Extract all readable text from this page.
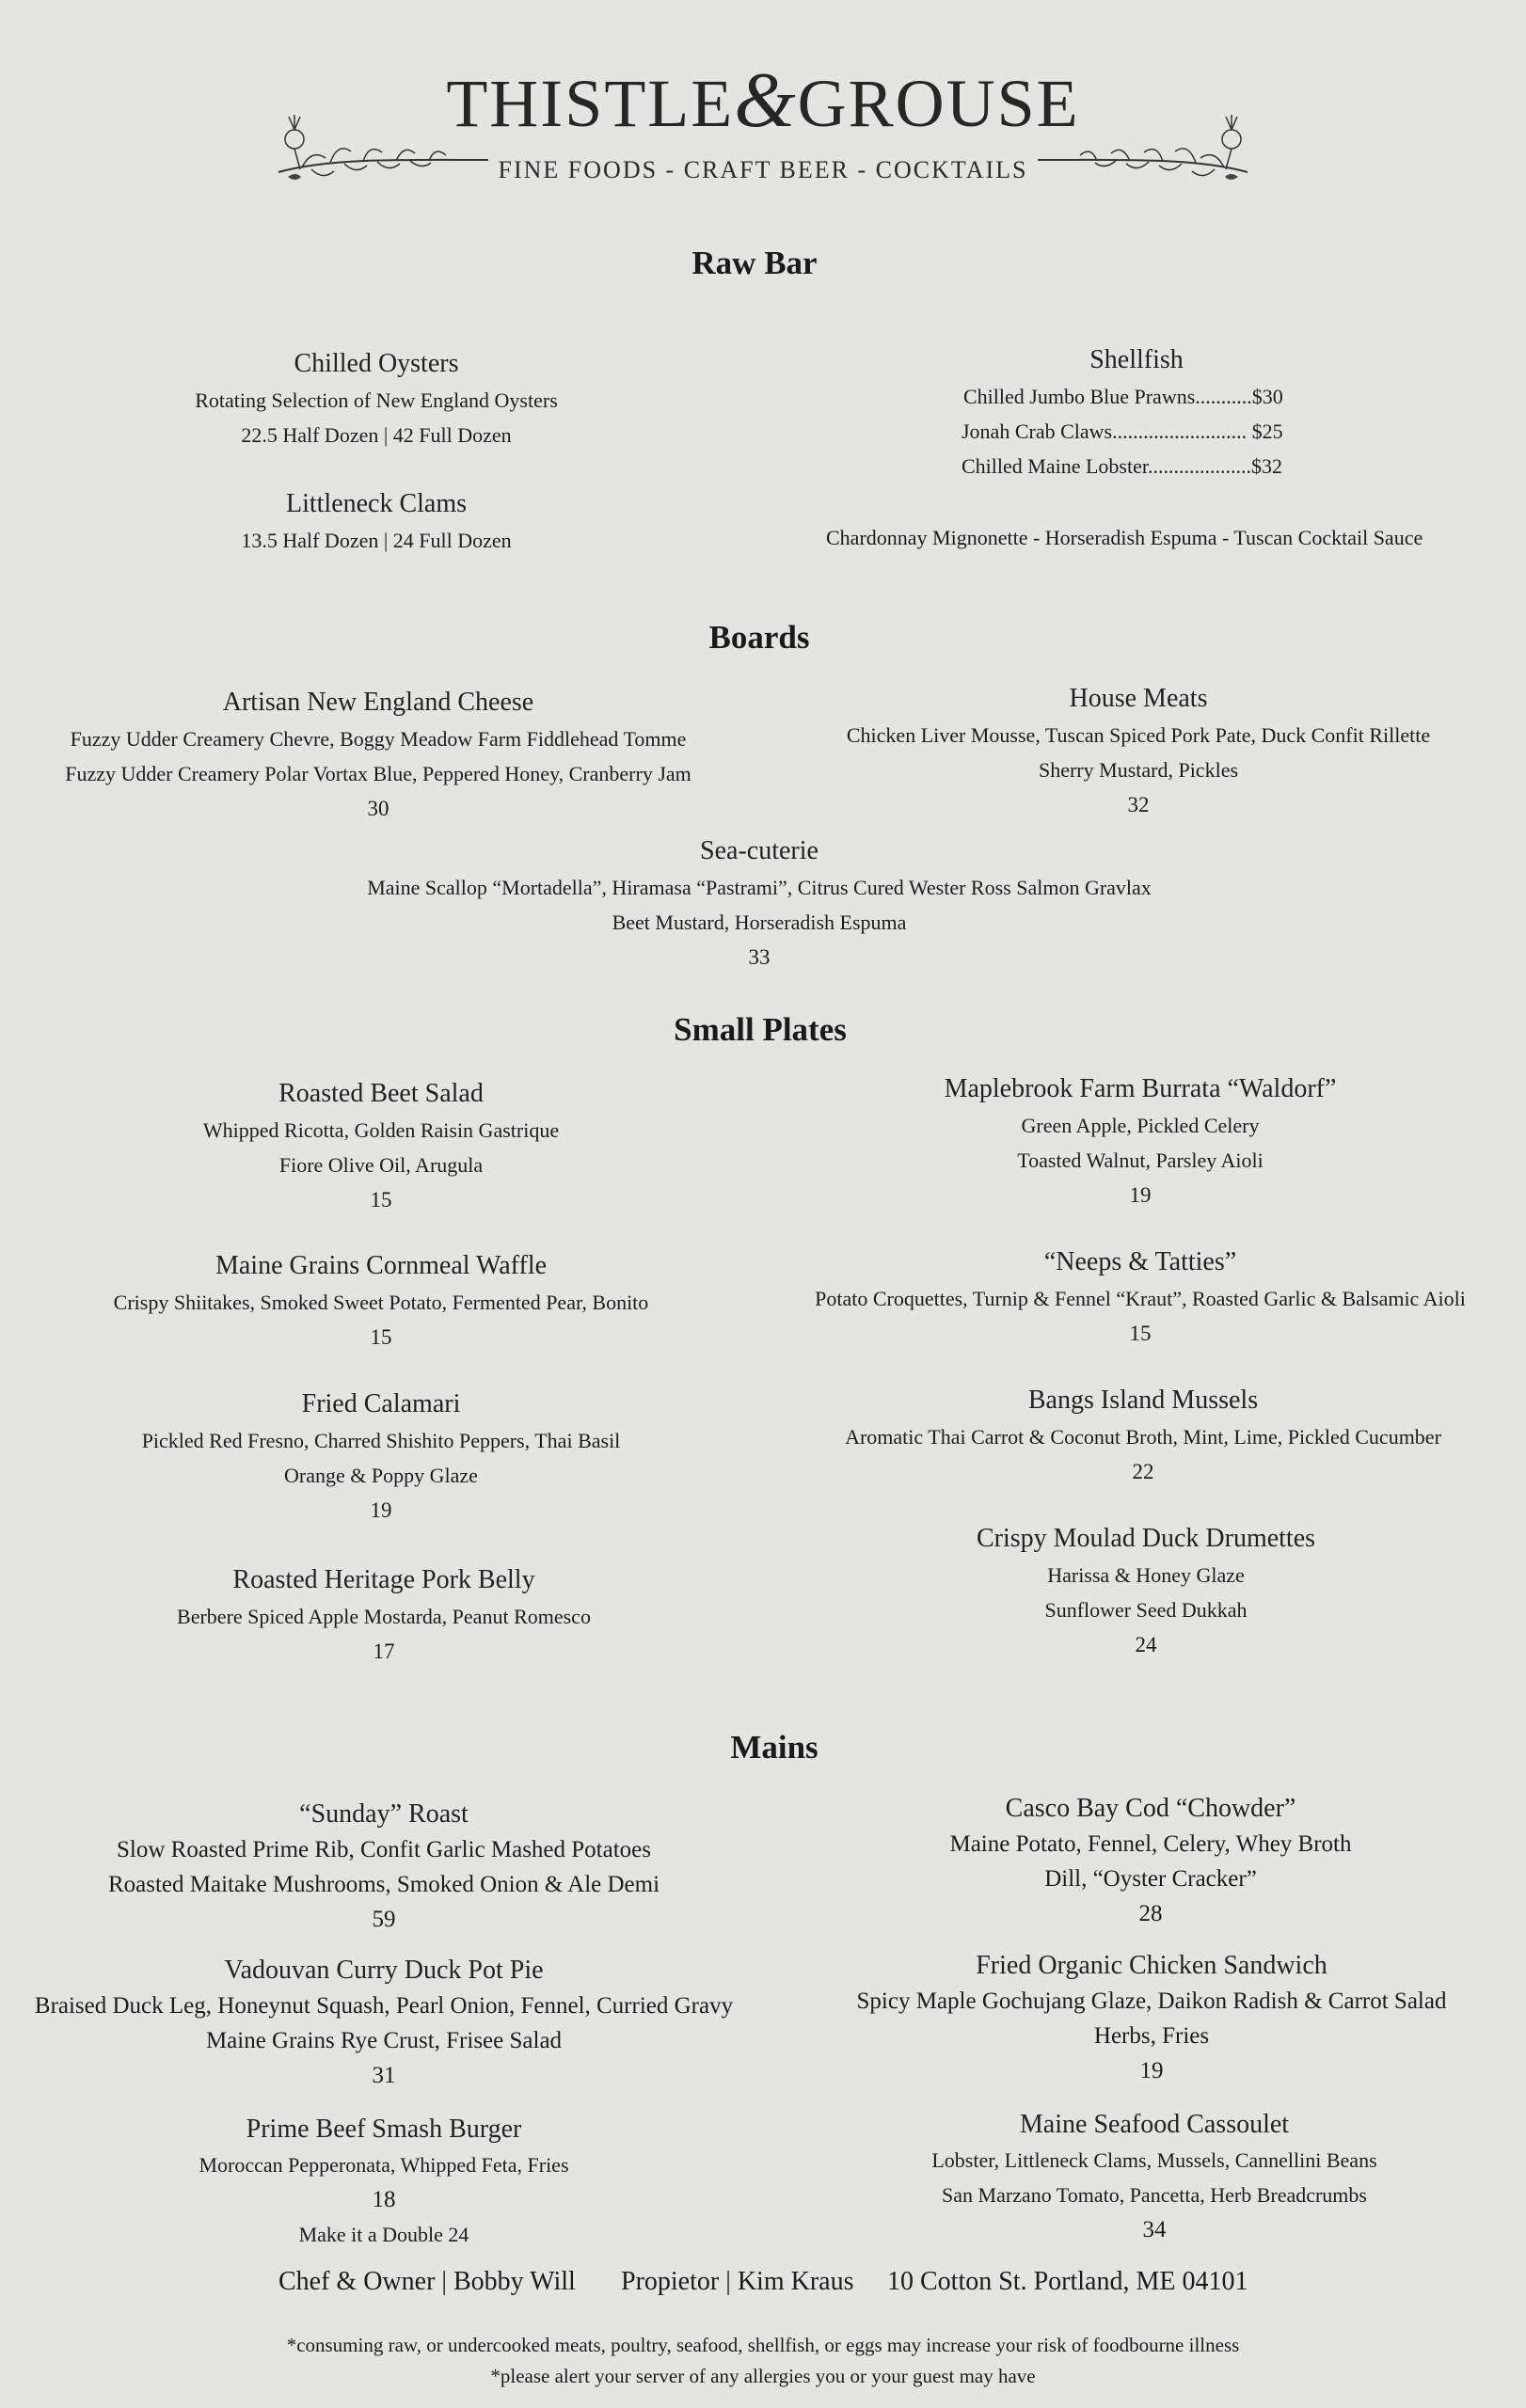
THISTLE&GROUSE
FINE FOODS - CRAFT BEER - COCKTAILS
Raw Bar
Chilled Oysters
Rotating Selection of New England Oysters
22.5 Half Dozen | 42 Full Dozen
Littleneck Clams
13.5 Half Dozen | 24 Full Dozen
Shellfish
Chilled Jumbo Blue Prawns...........$30
Jonah Crab Claws.......................... $25
Chilled Maine Lobster....................$32
Chardonnay Mignonette - Horseradish Espuma - Tuscan Cocktail Sauce
Boards
Artisan New England Cheese
Fuzzy Udder Creamery Chevre, Boggy Meadow Farm Fiddlehead Tomme
Fuzzy Udder Creamery Polar Vortax Blue, Peppered Honey, Cranberry Jam
30
House Meats
Chicken Liver Mousse, Tuscan Spiced Pork Pate, Duck Confit Rillette
Sherry Mustard, Pickles
32
Sea-cuterie
Maine Scallop “Mortadella”, Hiramasa “Pastrami”, Citrus Cured Wester Ross Salmon Gravlax
Beet Mustard, Horseradish Espuma
33
Small Plates
Roasted Beet Salad
Whipped Ricotta, Golden Raisin Gastrique
Fiore Olive Oil, Arugula
15
Maine Grains Cornmeal Waffle
Crispy Shiitakes, Smoked Sweet Potato, Fermented Pear, Bonito
15
Fried Calamari
Pickled Red Fresno, Charred Shishito Peppers, Thai Basil
Orange & Poppy Glaze
19
Roasted Heritage Pork Belly
Berbere Spiced Apple Mostarda, Peanut Romesco
17
Maplebrook Farm Burrata “Waldorf”
Green Apple, Pickled Celery
Toasted Walnut, Parsley Aioli
19
“Neeps & Tatties”
Potato Croquettes, Turnip & Fennel “Kraut”, Roasted Garlic & Balsamic Aioli
15
Bangs Island Mussels
Aromatic Thai Carrot & Coconut Broth, Mint, Lime, Pickled Cucumber
22
Crispy Moulad Duck Drumettes
Harissa & Honey Glaze
Sunflower Seed Dukkah
24
Mains
“Sunday” Roast
Slow Roasted Prime Rib, Confit Garlic Mashed Potatoes
Roasted Maitake Mushrooms, Smoked Onion & Ale Demi
59
Vadouvan Curry Duck Pot Pie
Braised Duck Leg, Honeynut Squash, Pearl Onion, Fennel, Curried Gravy
Maine Grains Rye Crust, Frisee Salad
31
Prime Beef Smash Burger
Moroccan Pepperonata, Whipped Feta, Fries
18
Make it a Double 24
Casco Bay Cod “Chowder”
Maine Potato, Fennel, Celery, Whey Broth
Dill, “Oyster Cracker”
28
Fried Organic Chicken Sandwich
Spicy Maple Gochujang Glaze, Daikon Radish & Carrot Salad
Herbs, Fries
19
Maine Seafood Cassoulet
Lobster, Littleneck Clams, Mussels, Cannellini Beans
San Marzano Tomato, Pancetta, Herb Breadcrumbs
34
Chef & Owner | Bobby Will Propietor | Kim Kraus 10 Cotton St. Portland, ME 04101
*consuming raw, or undercooked meats, poultry, seafood, shellfish, or eggs may increase your risk of foodbourne illness
*please alert your server of any allergies you or your guest may have
